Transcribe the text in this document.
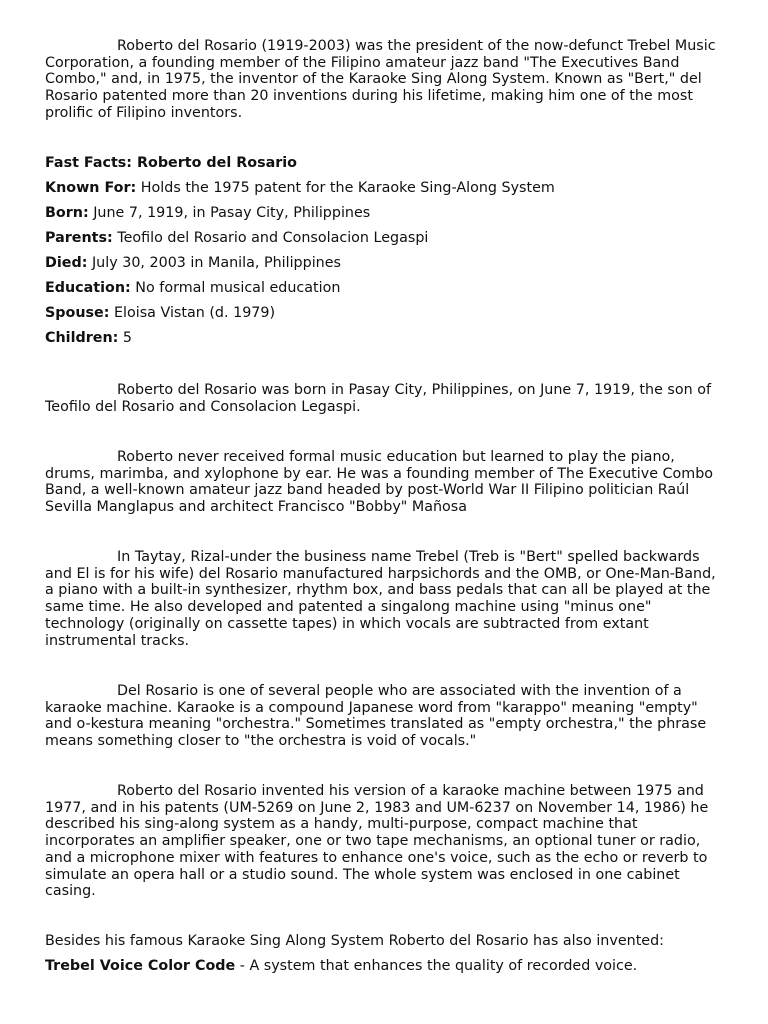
Roberto del Rosario (1919-2003) was the president of the now-defunct Trebel Music Corporation, a founding member of the Filipino amateur jazz band "The Executives Band Combo," and, in 1975, the inventor of the Karaoke Sing Along System. Known as "Bert," del Rosario patented more than 20 inventions during his lifetime, making him one of the most prolific of Filipino inventors.

Fast Facts: Roberto del Rosario

Known For: Holds the 1975 patent for the Karaoke Sing-Along System

Born: June 7, 1919, in Pasay City, Philippines

Parents: Teofilo del Rosario and Consolacion Legaspi

Died: July 30, 2003 in Manila, Philippines

Education: No formal musical education

Spouse: Eloisa Vistan (d. 1979)

Children: 5

Roberto del Rosario was born in Pasay City, Philippines, on June 7, 1919, the son of Teofilo del Rosario and Consolacion Legaspi.

Roberto never received formal music education but learned to play the piano, drums, marimba, and xylophone by ear. He was a founding member of The Executive Combo Band, a well-known amateur jazz band headed by post-World War II Filipino politician Raúl Sevilla Manglapus and architect Francisco "Bobby" Mañosa

In Taytay, Rizal-under the business name Trebel (Treb is "Bert" spelled backwards and El is for his wife) del Rosario manufactured harpsichords and the OMB, or One-Man-Band, a piano with a built-in synthesizer, rhythm box, and bass pedals that can all be played at the same time. He also developed and patented a singalong machine using "minus one" technology (originally on cassette tapes) in which vocals are subtracted from extant instrumental tracks.

Del Rosario is one of several people who are associated with the invention of a karaoke machine. Karaoke is a compound Japanese word from "karappo" meaning "empty" and o-kestura meaning "orchestra." Sometimes translated as "empty orchestra," the phrase means something closer to "the orchestra is void of vocals."

Roberto del Rosario invented his version of a karaoke machine between 1975 and 1977, and in his patents (UM-5269 on June 2, 1983 and UM-6237 on November 14, 1986) he described his sing-along system as a handy, multi-purpose, compact machine that incorporates an amplifier speaker, one or two tape mechanisms, an optional tuner or radio, and a microphone mixer with features to enhance one's voice, such as the echo or reverb to simulate an opera hall or a studio sound. The whole system was enclosed in one cabinet casing.

Besides his famous Karaoke Sing Along System Roberto del Rosario has also invented:

Trebel Voice Color Code - A system that enhances the quality of recorded voice.
